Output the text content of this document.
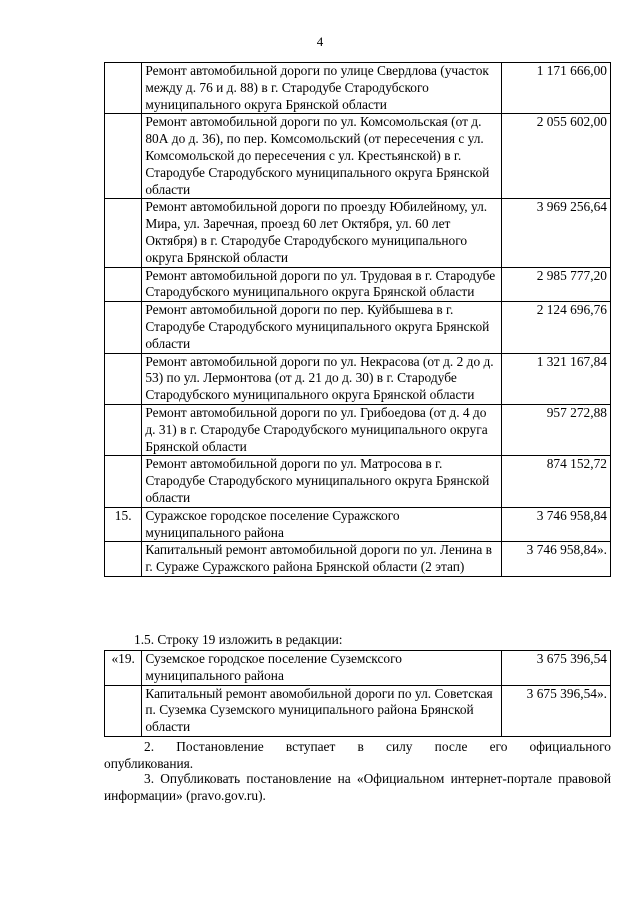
4
	Ремонт автомобильной дороги по улице Свердлова (участок между д. 76 и д. 88) в г. Стародубе Стародубского муниципального округа Брянской области	1 171 666,00
	Ремонт автомобильной дороги по ул. Комсомольская (от д. 80А до д. 36), по пер. Комсомольский (от пересечения с ул. Комсомольской до пересечения с ул. Крестьянской) в г. Стародубе Стародубского муниципального округа Брянской области	2 055 602,00
	Ремонт автомобильной дороги по проезду Юбилейному, ул. Мира, ул. Заречная, проезд 60 лет Октября, ул. 60 лет Октября) в г. Стародубе Стародубского муниципального округа Брянской области	3 969 256,64
	Ремонт автомобильной дороги по ул. Трудовая в г. Стародубе Стародубского муниципального округа Брянской области	2 985 777,20
	Ремонт автомобильной дороги по пер. Куйбышева в г. Стародубе Стародубского муниципального округа Брянской области	2 124 696,76
	Ремонт автомобильной дороги по ул. Некрасова (от д. 2 до д. 53) по ул. Лермонтова (от д. 21 до д. 30) в г. Стародубе Стародубского муниципального округа Брянской области	1 321 167,84
	Ремонт автомобильной дороги по ул. Грибоедова (от д. 4 до д. 31) в г. Стародубе Стародубского муниципального округа Брянской области	957 272,88
	Ремонт автомобильной дороги по ул. Матросова в г. Стародубе Стародубского муниципального округа Брянской области	874 152,72
15.	Суражское городское поселение Суражского муниципального района	3 746 958,84
	Капитальный ремонт автомобильной дороги по ул. Ленина в г. Сураже Суражского района Брянской области (2 этап)	3 746 958,84».
1.5. Строку 19 изложить в редакции:
«19.	Суземское городское поселение Суземсксого муниципального района	3 675 396,54
	Капитальный ремонт авомобильной дороги по ул. Советская п. Суземка Суземского муниципального района Брянской области	3 675 396,54».
2. Постановление вступает в силу после его официального
опубликования.
3. Опубликовать постановление на «Официальном интернет-портале правовой информации» (pravo.gov.ru).
